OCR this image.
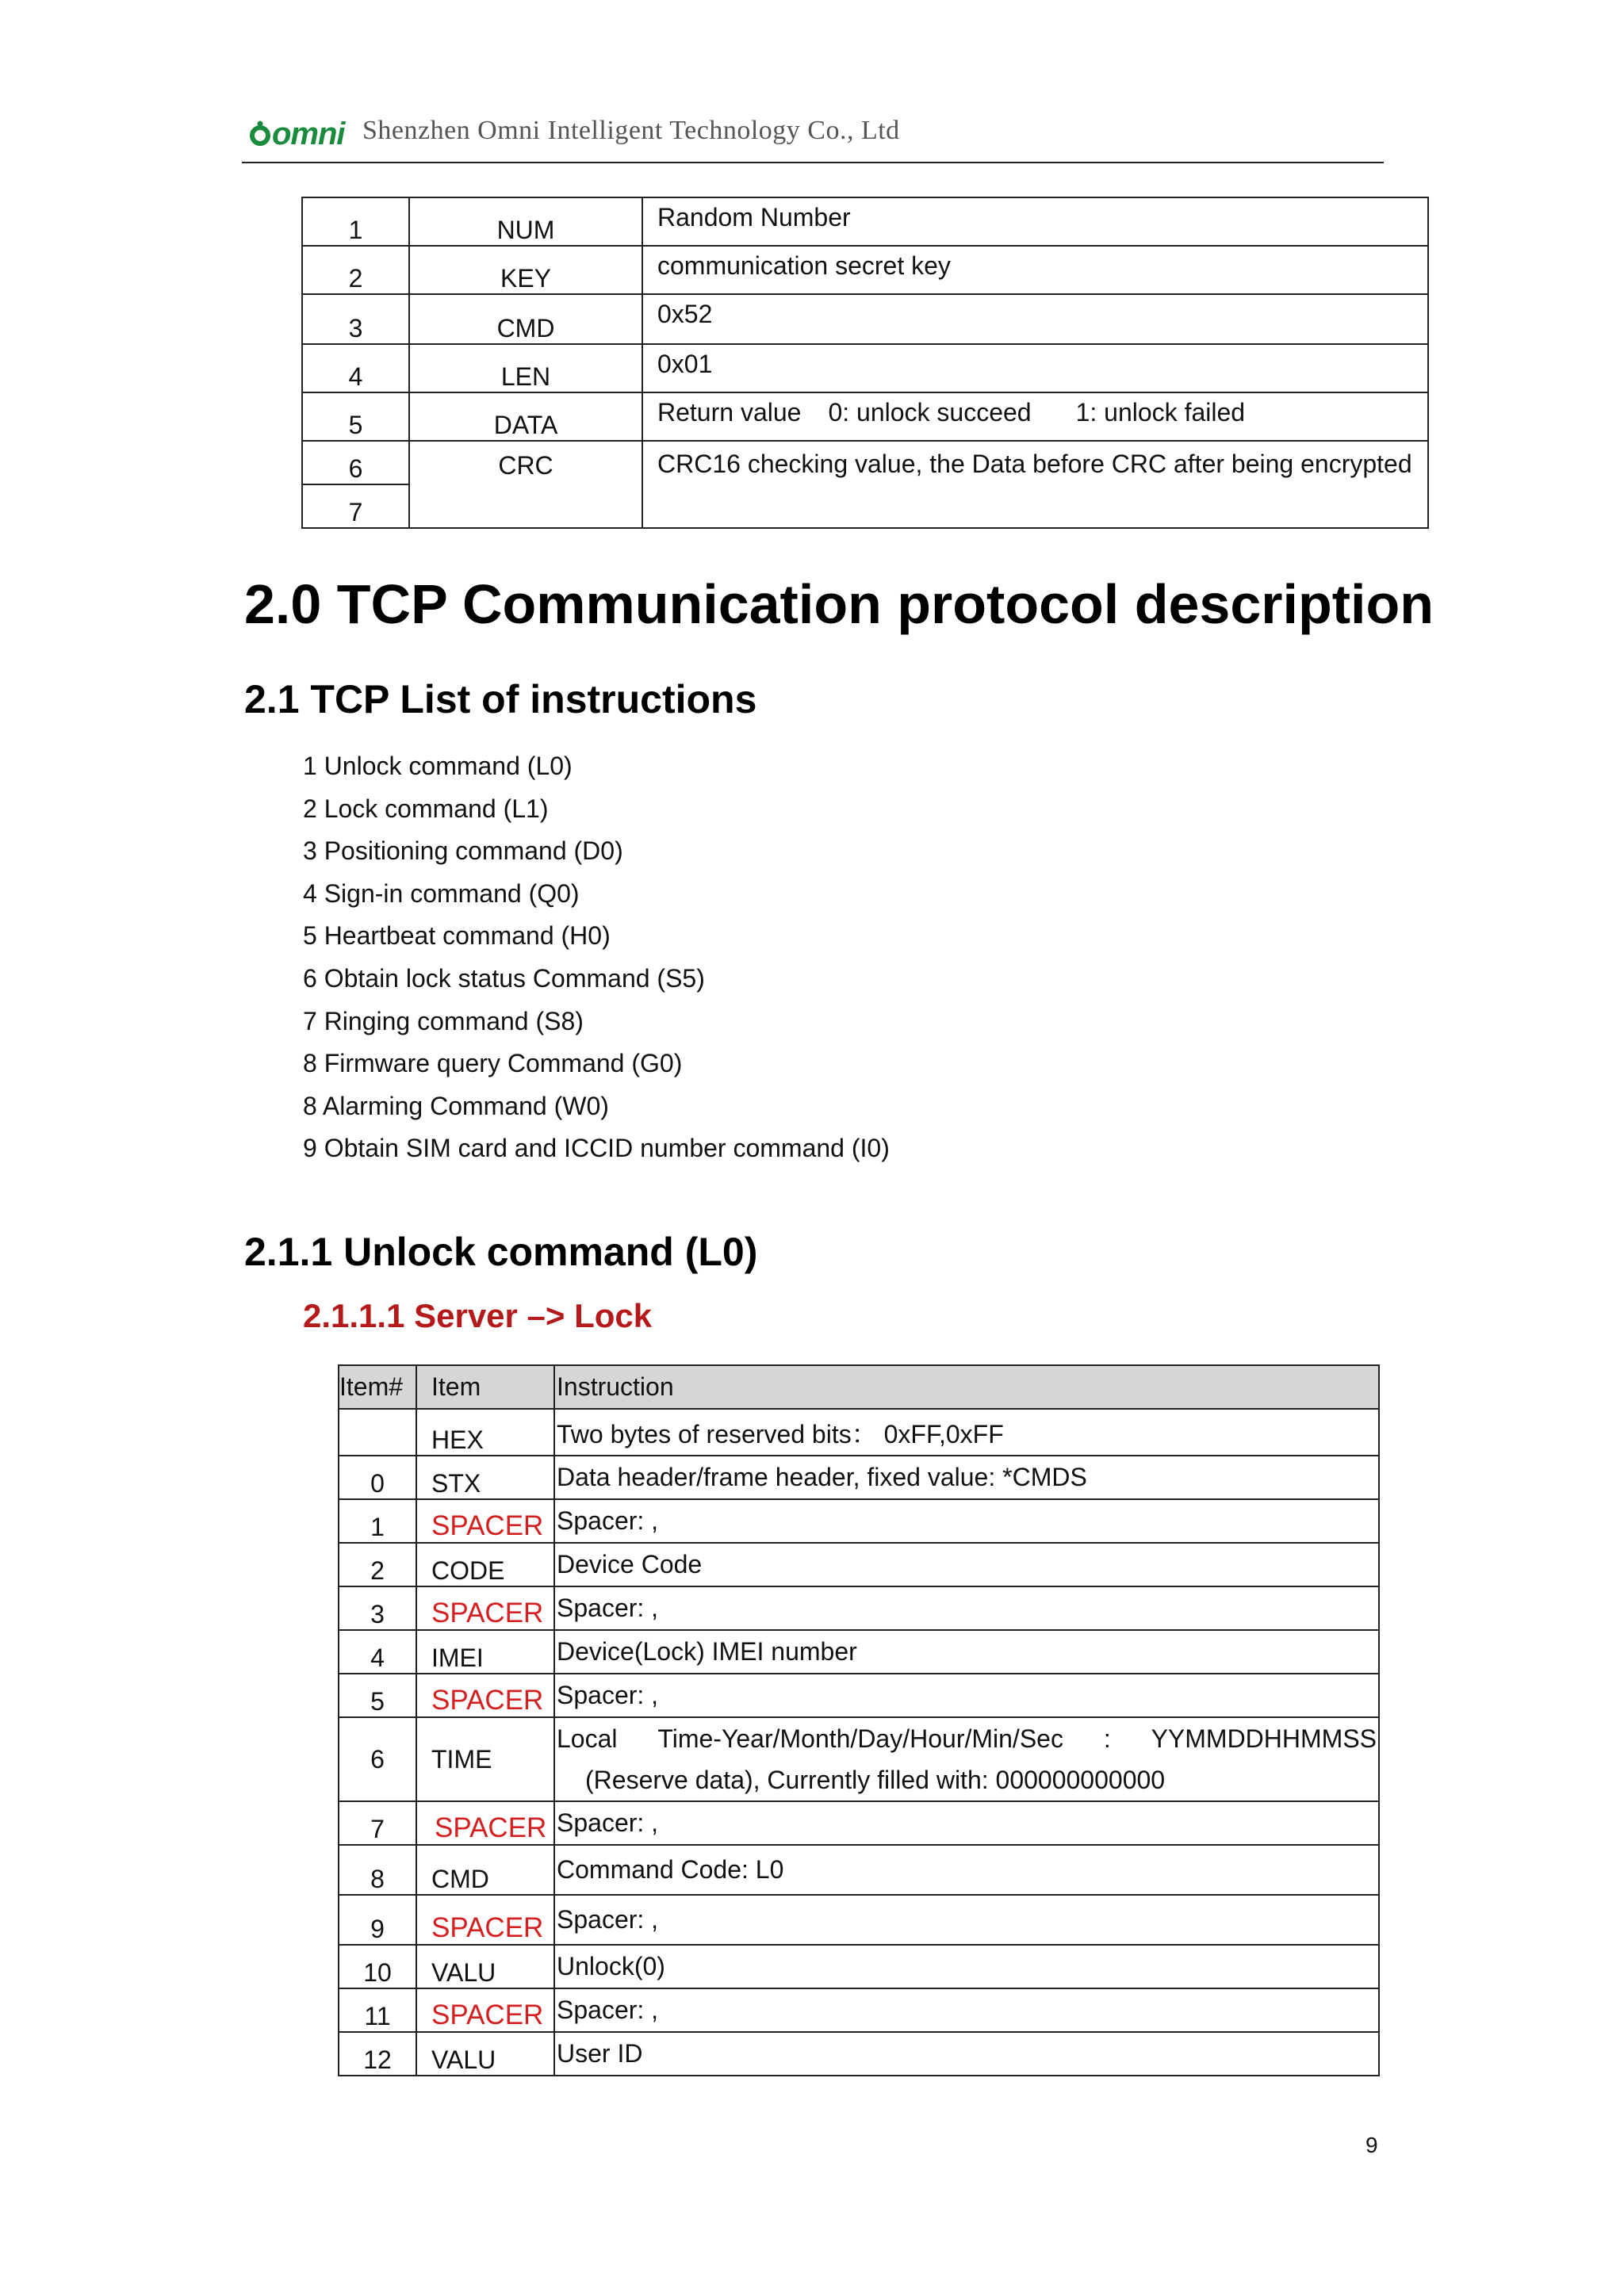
omni Shenzhen Omni Intelligent Technology Co., Ltd
1	NUM	Random Number
2	KEY	communication secret key
3	CMD	0x52
4	LEN	0x01
5	DATA	Return value 0: unlock succeed 1: unlock failed
6	CRC	CRC16 checking value, the Data before CRC after being encrypted
7		
2.0 TCP Communication protocol description
2.1 TCP List of instructions
1 Unlock command (L0)
2 Lock command (L1)
3 Positioning command (D0)
4 Sign-in command (Q0)
5 Heartbeat command (H0)
6 Obtain lock status Command (S5)
7 Ringing command (S8)
8 Firmware query Command (G0)
8 Alarming Command (W0)
9 Obtain SIM card and ICCID number command (I0)
2.1.1 Unlock command (L0)
2.1.1.1 Server –> Lock
Item#	Item	Instruction
	HEX	Two bytes of reserved bits： 0xFF,0xFF
0	STX	Data header/frame header, fixed value: *CMDS
1	SPACER	Spacer: ,
2	CODE	Device Code
3	SPACER	Spacer: ,
4	IMEI	Device(Lock) IMEI number
5	SPACER	Spacer: ,
6	TIME	Local Time-Year/Month/Day/Hour/Min/Sec : YYMMDDHHMMSS
(Reserve data), Currently filled with: 000000000000

7	SPACER	Spacer: ,
8	CMD	Command Code: L0
9	SPACER	Spacer: ,
10	VALU	Unlock(0)
11	SPACER	Spacer: ,
12	VALU	User ID
9
